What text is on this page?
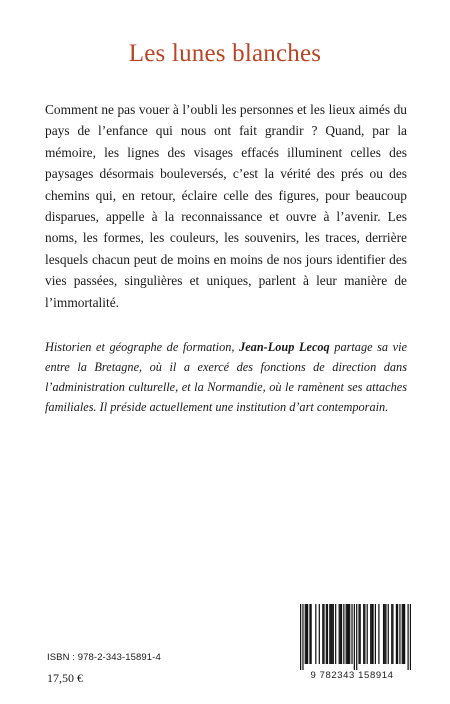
Les lunes blanches
Comment ne pas vouer à l’oubli les personnes et les lieux aimés du pays de l’enfance qui nous ont fait grandir ? Quand, par la mémoire, les lignes des visages effacés illuminent celles des paysages désormais bouleversés, c’est la vérité des prés ou des chemins qui, en retour, éclaire celle des figures, pour beaucoup disparues, appelle à la reconnaissance et ouvre à l’avenir. Les noms, les formes, les couleurs, les souvenirs, les traces, derrière lesquels chacun peut de moins en moins de nos jours identifier des vies passées, singulières et uniques, parlent à leur manière de l’immortalité.
Historien et géographe de formation, Jean-Loup Lecoq partage sa vie entre la Bretagne, où il a exercé des fonctions de direction dans l’administration culturelle, et la Normandie, où le ramènent ses attaches familiales. Il préside actuellement une institution d’art contemporain.
ISBN : 978-2-343-15891-4
17,50 €	9 782343 158914
